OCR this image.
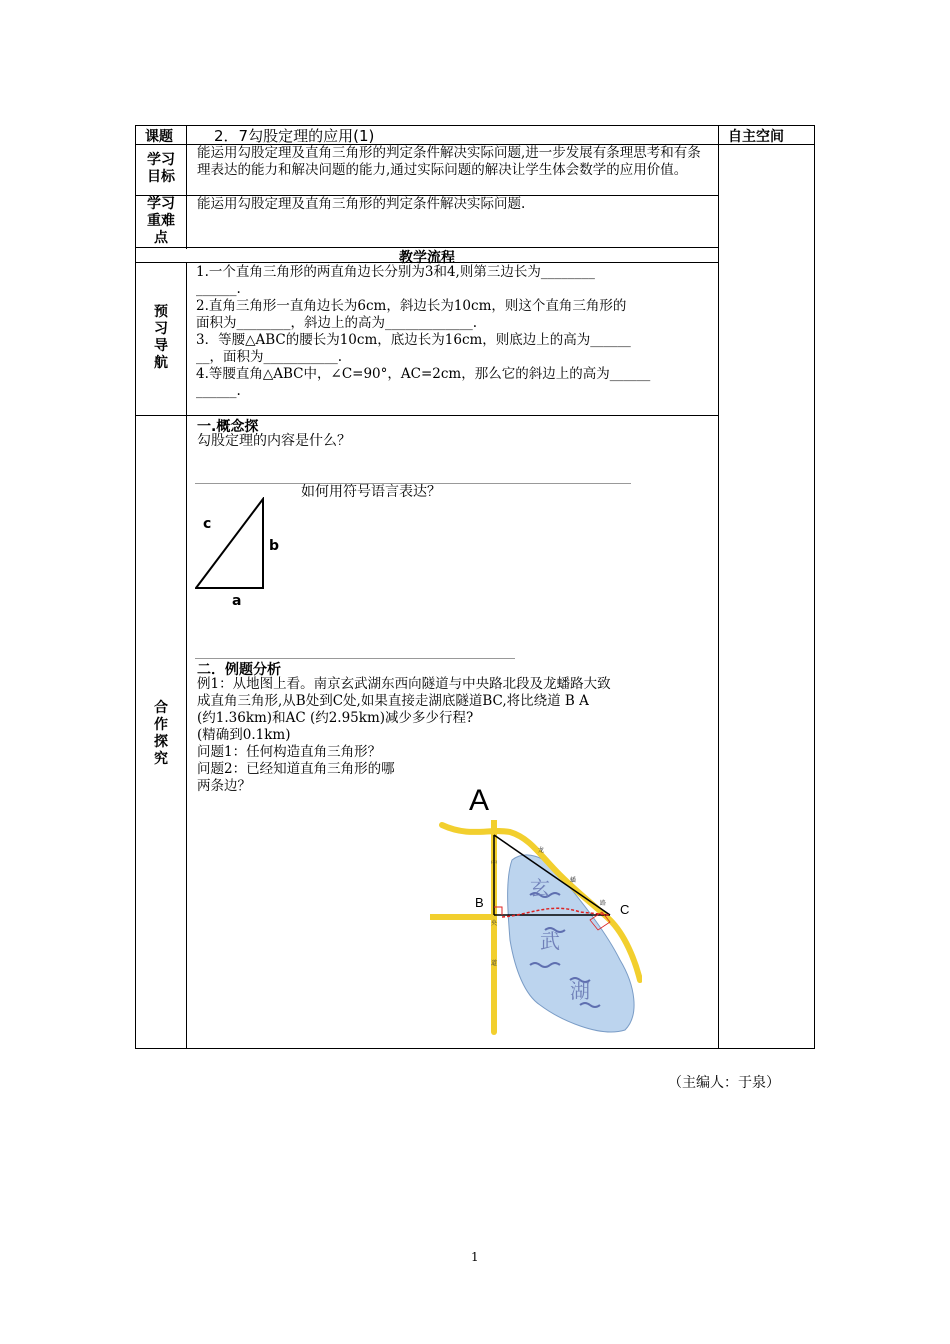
课题	2．7勾股定理的应用(1)	自主空间
学习目标
能运用勾股定理及直角三角形的判定条件解决实际问题,进一步发展有条理思考和有条理表达的能力和解决问题的能力,通过实际问题的解决让学生体会数学的应用价值。
学习重难点
能运用勾股定理及直角三角形的判定条件解决实际问题.
教学流程
预习导航
1.一个直角三角形的两直角边长分别为3和4,则第三边长为________
______.
2.直角三角形一直角边长为6cm，斜边长为10cm，则这个直角三角形的
面积为________，斜边上的高为_____________.
3．等腰△ABC的腰长为10cm，底边长为16cm，则底边上的高为______
__，面积为___________.
4.等腰直角△ABC中，∠C=90°，AC=2cm，那么它的斜边上的高为______
______.
合作探究
一.概念探
勾股定理的内容是什么？
如何用符号语言表达？
c
b
a
二．例题分析
例1：从地图上看。南京玄武湖东西向隧道与中央路北段及龙蟠路大致
成直角三角形,从B处到C处,如果直接走湖底隧道BC,将比绕道 B A
(约1.36km)和AC (约2.95km)减少多少行程?
(精确到0.1km)
问题1：任何构造直角三角形？
问题2：已经知道直角三角形的哪
两条边？	A
中
央
道
龙
蟠
路
玄
武
湖
B	C
（主编人：于泉）
1
